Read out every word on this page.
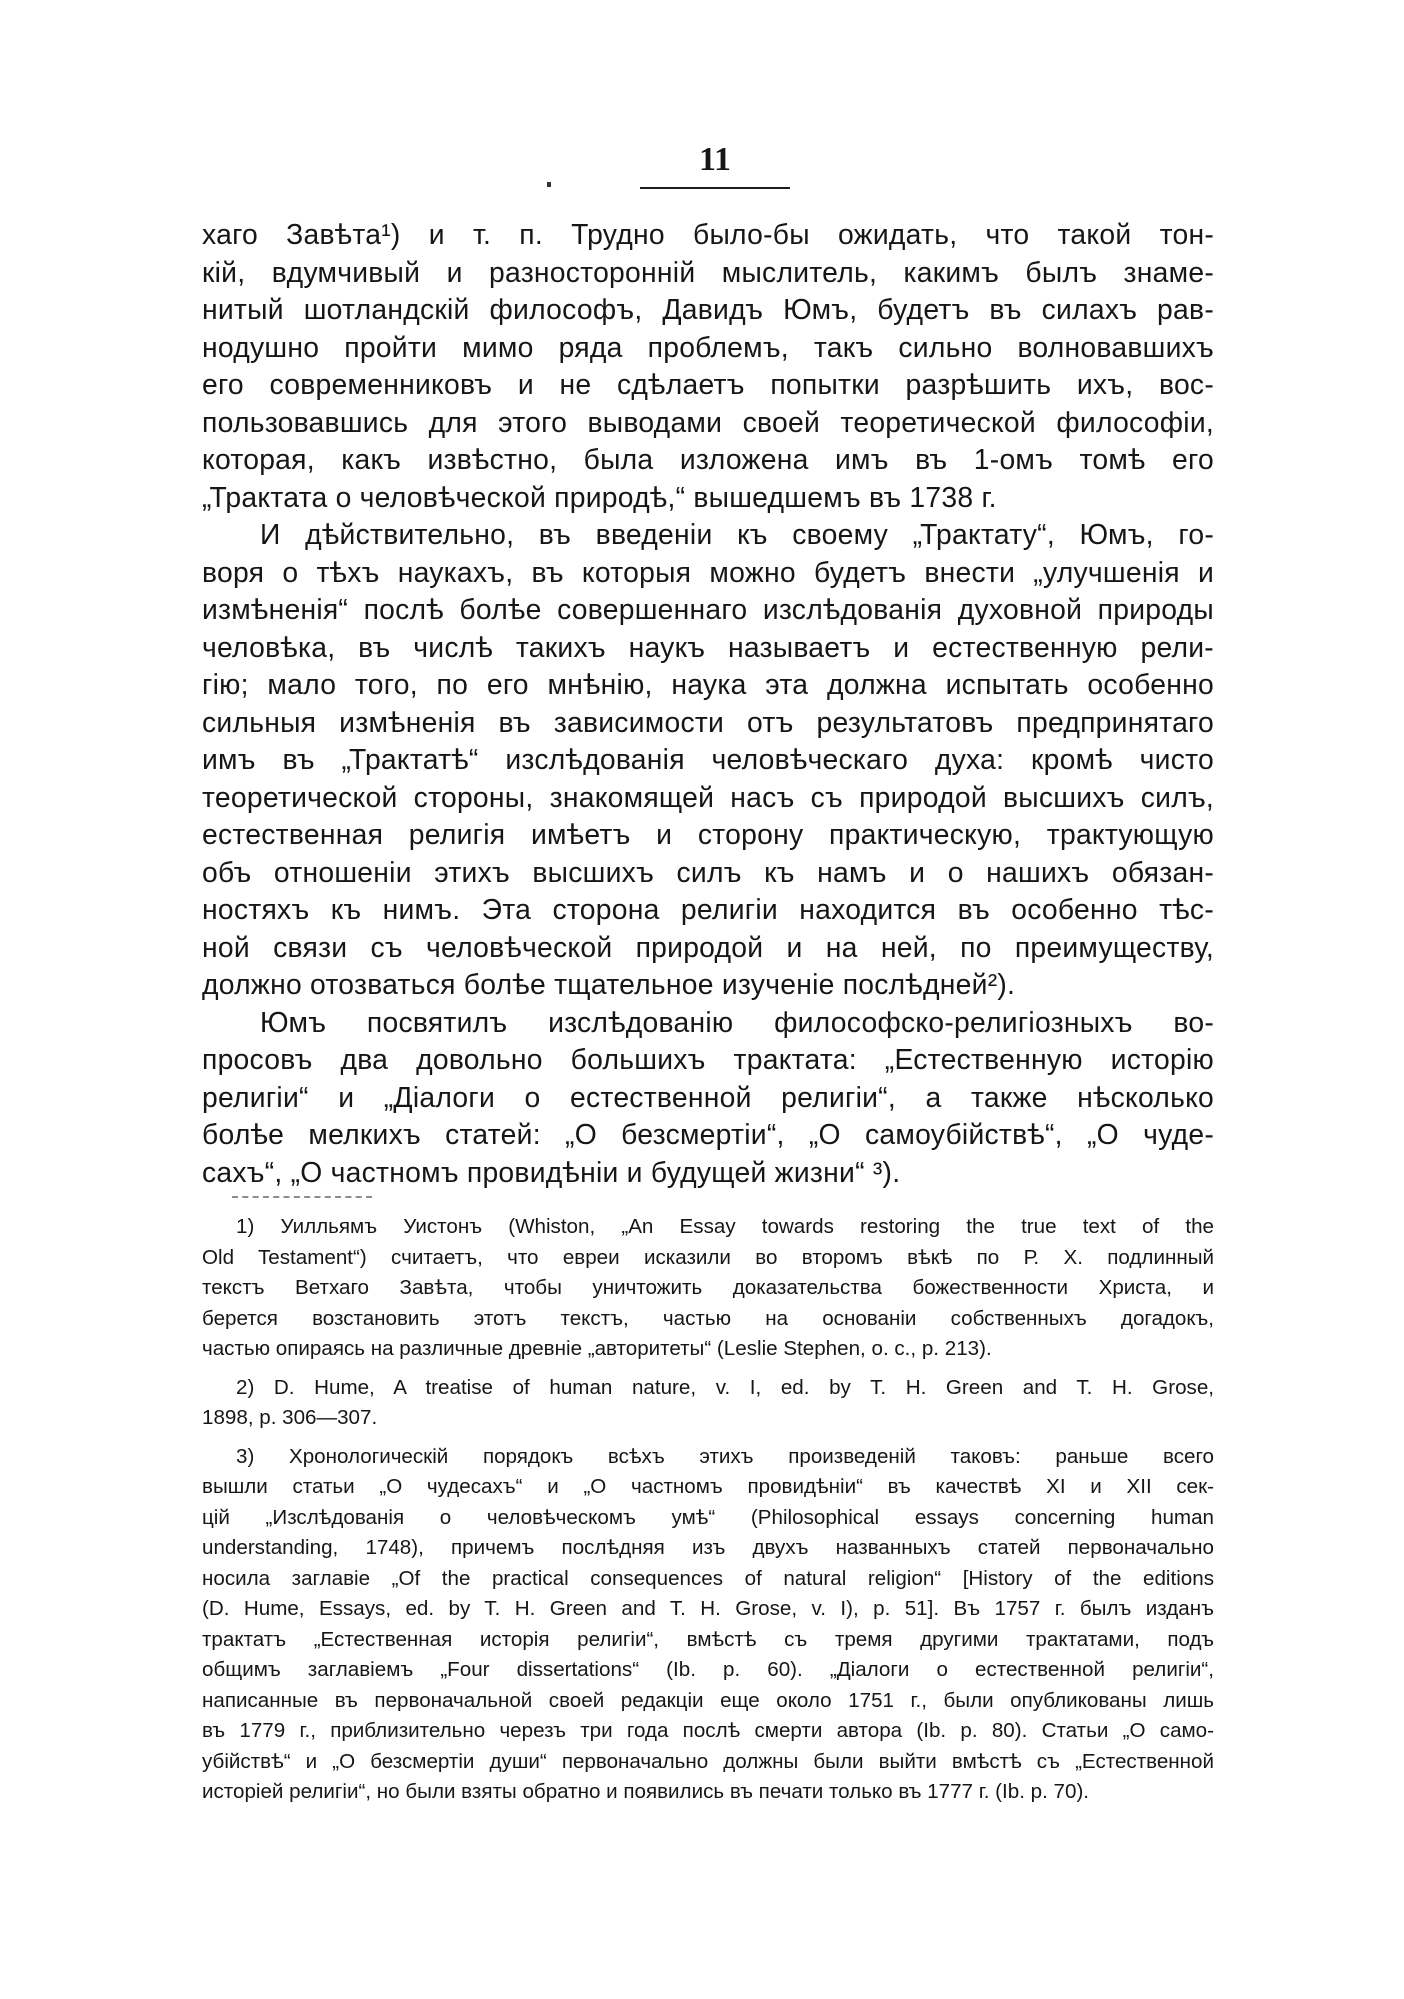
11
хаго Завѣта¹) и т. п. Трудно было-бы ожидать, что такой тон-
кій, вдумчивый и разносторонній мыслитель, какимъ былъ знаме-
нитый шотландскій философъ, Давидъ Юмъ, будетъ въ силахъ рав-
нодушно пройти мимо ряда проблемъ, такъ сильно волновавшихъ
его современниковъ и не сдѣлаетъ попытки разрѣшить ихъ, вос-
пользовавшись для этого выводами своей теоретической философіи,
которая, какъ извѣстно, была изложена имъ въ 1-омъ томѣ его
„Трактата о человѣческой природѣ,“ вышедшемъ въ 1738 г.
И дѣйствительно, въ введеніи къ своему „Трактату“, Юмъ, го-
воря о тѣхъ наукахъ, въ которыя можно будетъ внести „улучшенія и
измѣненія“ послѣ болѣе совершеннаго изслѣдованія духовной природы
человѣка, въ числѣ такихъ наукъ называетъ и естественную рели-
гію; мало того, по его мнѣнію, наука эта должна испытать особенно
сильныя измѣненія въ зависимости отъ результатовъ предпринятаго
имъ въ „Трактатѣ“ изслѣдованія человѣческаго духа: кромѣ чисто
теоретической стороны, знакомящей насъ съ природой высшихъ силъ,
естественная религія имѣетъ и сторону практическую, трактующую
объ отношеніи этихъ высшихъ силъ къ намъ и о нашихъ обязан-
ностяхъ къ нимъ. Эта сторона религіи находится въ особенно тѣс-
ной связи съ человѣческой природой и на ней, по преимуществу,
должно отозваться болѣе тщательное изученіе послѣдней²).
Юмъ посвятилъ изслѣдованію философско-религіозныхъ во-
просовъ два довольно большихъ трактата: „Естественную исторію
религіи“ и „Діалоги о естественной религіи“, а также нѣсколько
болѣе мелкихъ статей: „О безсмертіи“, „О самоубійствѣ“, „О чуде-
сахъ“, „О частномъ провидѣніи и будущей жизни“ ³).
1) Уилльямъ Уистонъ (Whiston, „An Essay towards restoring the true text of the
Old Testament“) считаетъ, что евреи исказили во второмъ вѣкѣ по Р. Х. подлинный
текстъ Ветхаго Завѣта, чтобы уничтожить доказательства божественности Христа, и
берется возстановить этотъ текстъ, частью на основаніи собственныхъ догадокъ,
частью опираясь на различные древніе „авторитеты“ (Leslie Stephen, o. c., p. 213).
2) D. Hume, A treatise of human nature, v. I, ed. by T. H. Green and T. H. Grose,
1898, p. 306—307.
3) Хронологическій порядокъ всѣхъ этихъ произведеній таковъ: раньше всего
вышли статьи „О чудесахъ“ и „О частномъ провидѣніи“ въ качествѣ XI и XII сек-
цій „Изслѣдованія о человѣческомъ умѣ“ (Philosophical essays concerning human
understanding, 1748), причемъ послѣдняя изъ двухъ названныхъ статей первоначально
носила заглавіе „Of the practical consequences of natural religion“ [History of the editions
(D. Hume, Essays, ed. by T. H. Green and T. H. Grose, v. I), p. 51]. Въ 1757 г. былъ изданъ
трактатъ „Естественная исторія религіи“, вмѣстѣ съ тремя другими трактатами, подъ
общимъ заглавіемъ „Four dissertations“ (Ib. p. 60). „Діалоги о естественной религіи“,
написанные въ первоначальной своей редакціи еще около 1751 г., были опубликованы лишь
въ 1779 г., приблизительно черезъ три года послѣ смерти автора (Ib. p. 80). Статьи „О само-
убійствѣ“ и „О безсмертіи души“ первоначально должны были выйти вмѣстѣ съ „Естественной
исторіей религіи“, но были взяты обратно и появились въ печати только въ 1777 г. (Ib. p. 70).
